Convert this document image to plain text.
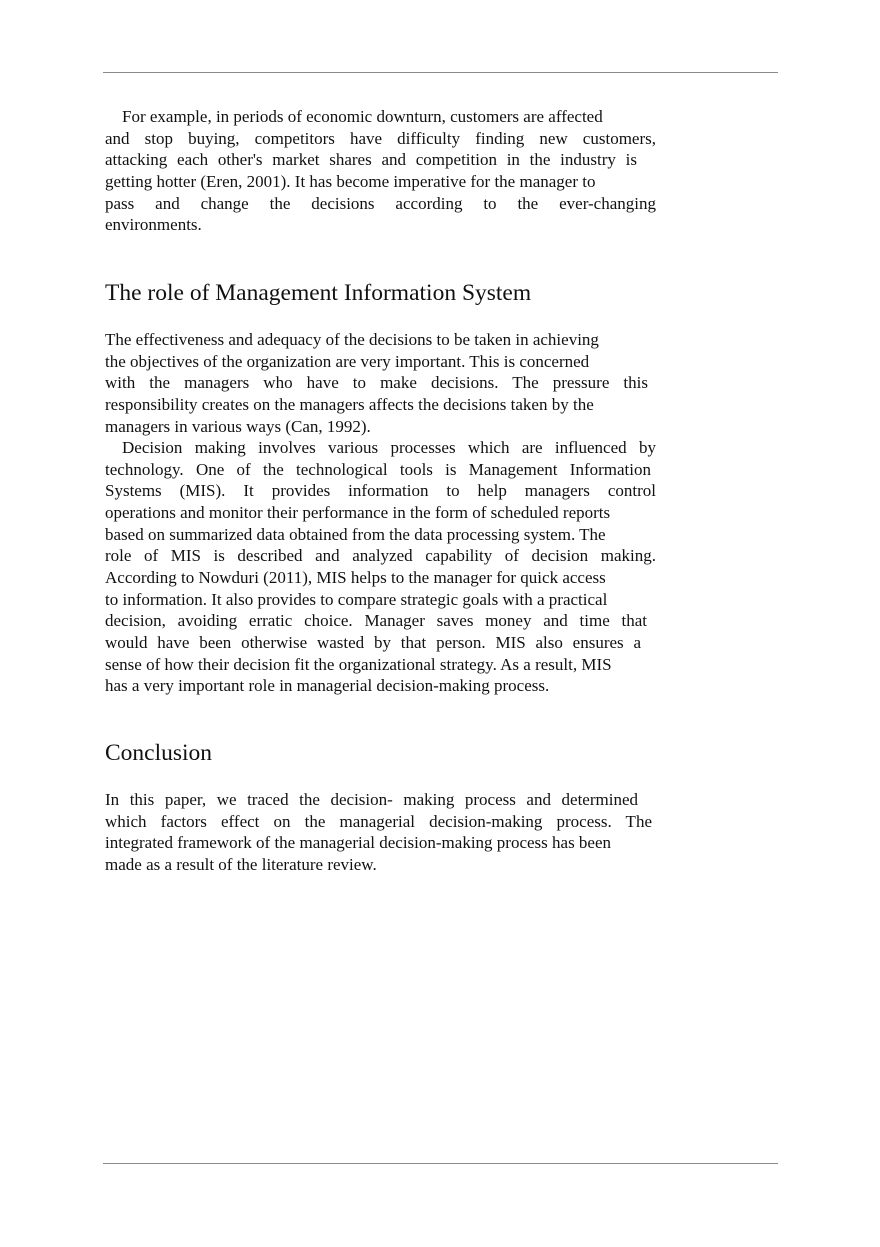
For example, in periods of economic downturn, customers are affected
and stop buying, competitors have difficulty finding new customers,
attacking each other's market shares and competition in the industry is
getting hotter (Eren, 2001). It has become imperative for the manager to
pass and change the decisions according to the ever-changing
environments.
The role of Management Information System
The effectiveness and adequacy of the decisions to be taken in achieving
the objectives of the organization are very important. This is concerned
with the managers who have to make decisions. The pressure this
responsibility creates on the managers affects the decisions taken by the
managers in various ways (Can, 1992).
Decision making involves various processes which are influenced by
technology. One of the technological tools is Management Information
Systems (MIS). It provides information to help managers control
operations and monitor their performance in the form of scheduled reports
based on summarized data obtained from the data processing system. The
role of MIS is described and analyzed capability of decision making.
According to Nowduri (2011), MIS helps to the manager for quick access
to information. It also provides to compare strategic goals with a practical
decision, avoiding erratic choice. Manager saves money and time that
would have been otherwise wasted by that person. MIS also ensures a
sense of how their decision fit the organizational strategy. As a result, MIS
has a very important role in managerial decision-making process.
Conclusion
In this paper, we traced the decision- making process and determined
which factors effect on the managerial decision-making process. The
integrated framework of the managerial decision-making process has been
made as a result of the literature review.
